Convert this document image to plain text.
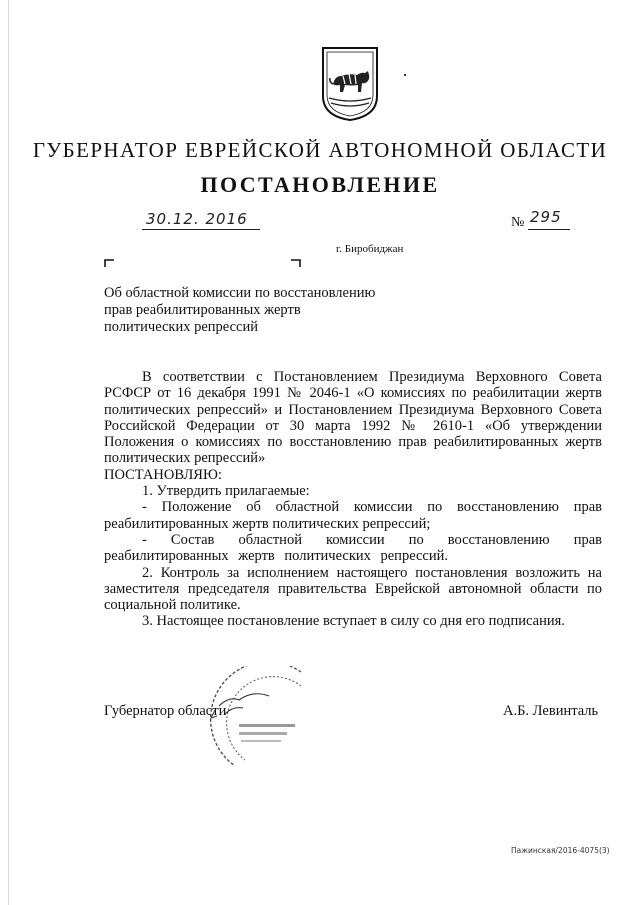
ГУБЕРНАТОР ЕВРЕЙСКОЙ АВТОНОМНОЙ ОБЛАСТИ
ПОСТАНОВЛЕНИЕ
30.12. 2016	№ 295
г. Биробиджан
Об областной комиссии по восстановлению
прав реабилитированных жертв
политических репрессий
В соответствии с Постановлением Президиума Верховного Совета РСФСР от 16 декабря 1991 № 2046-1 «О комиссиях по реабилитации жертв политических репрессий» и Постановлением Президиума Верховного Совета Российской Федерации от 30 марта 1992 № 2610-1 «Об утверждении Положения о комиссиях по восстановлению прав реабилитированных жертв политических репрессий»
ПОСТАНОВЛЯЮ:
1. Утвердить прилагаемые:
- Положение об областной комиссии по восстановлению прав реабилитированных жертв политических репрессий;
- Состав областной комиссии по восстановлению прав реабилитированных жертв политических репрессий.
2. Контроль за исполнением настоящего постановления возложить на заместителя председателя правительства Еврейской автономной области по социальной политике.
3. Настоящее постановление вступает в силу со дня его подписания.
Губернатор области	А.Б. Левинталь
Пажинская/2016-4075(3)
